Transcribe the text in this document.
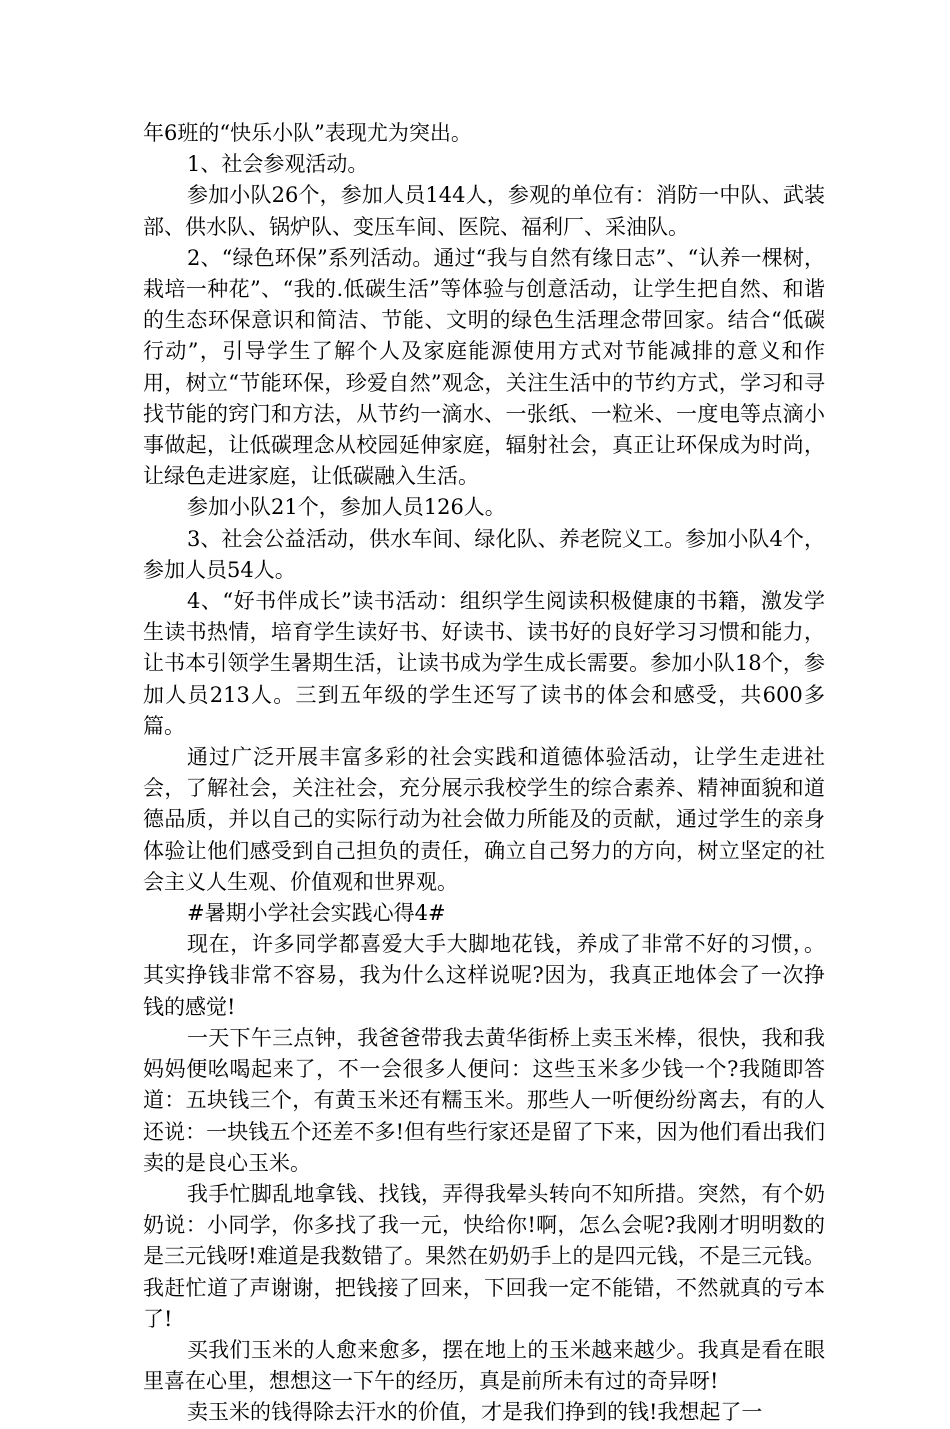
年6班的“快乐小队”表现尤为突出。

1、社会参观活动。

参加小队26个，参加人员144人，参观的单位有：消防一中队、武装部、供水队、锅炉队、变压车间、医院、福利厂、采油队。

2、“绿色环保”系列活动。通过“我与自然有缘日志”、“认养一棵树，栽培一种花”、“我的.低碳生活”等体验与创意活动，让学生把自然、和谐的生态环保意识和简洁、节能、文明的绿色生活理念带回家。结合“低碳行动”，引导学生了解个人及家庭能源使用方式对节能减排的意义和作用，树立“节能环保，珍爱自然”观念，关注生活中的节约方式，学习和寻找节能的窍门和方法，从节约一滴水、一张纸、一粒米、一度电等点滴小事做起，让低碳理念从校园延伸家庭，辐射社会，真正让环保成为时尚，让绿色走进家庭，让低碳融入生活。

参加小队21个，参加人员126人。

3、社会公益活动，供水车间、绿化队、养老院义工。参加小队4个，参加人员54人。

4、“好书伴成长”读书活动：组织学生阅读积极健康的书籍，激发学生读书热情，培育学生读好书、好读书、读书好的良好学习习惯和能力，让书本引领学生暑期生活，让读书成为学生成长需要。参加小队18个，参加人员213人。三到五年级的学生还写了读书的体会和感受，共600多篇。

通过广泛开展丰富多彩的社会实践和道德体验活动，让学生走进社会，了解社会，关注社会，充分展示我校学生的综合素养、精神面貌和道德品质，并以自己的实际行动为社会做力所能及的贡献，通过学生的亲身体验让他们感受到自己担负的责任，确立自己努力的方向，树立坚定的社会主义人生观、价值观和世界观。

#暑期小学社会实践心得4#

现在，许多同学都喜爱大手大脚地花钱，养成了非常不好的习惯，。其实挣钱非常不容易，我为什么这样说呢?因为，我真正地体会了一次挣钱的感觉!

一天下午三点钟，我爸爸带我去黄华街桥上卖玉米棒，很快，我和我妈妈便吆喝起来了，不一会很多人便问：这些玉米多少钱一个?我随即答道：五块钱三个，有黄玉米还有糯玉米。那些人一听便纷纷离去，有的人还说：一块钱五个还差不多!但有些行家还是留了下来，因为他们看出我们卖的是良心玉米。

我手忙脚乱地拿钱、找钱，弄得我晕头转向不知所措。突然，有个奶奶说：小同学，你多找了我一元，快给你!啊，怎么会呢?我刚才明明数的是三元钱呀!难道是我数错了。果然在奶奶手上的是四元钱，不是三元钱。我赶忙道了声谢谢，把钱接了回来，下回我一定不能错，不然就真的亏本了!

买我们玉米的人愈来愈多，摆在地上的玉米越来越少。我真是看在眼里喜在心里，想想这一下午的经历，真是前所未有过的奇异呀!

卖玉米的钱得除去汗水的价值，才是我们挣到的钱!我想起了一
